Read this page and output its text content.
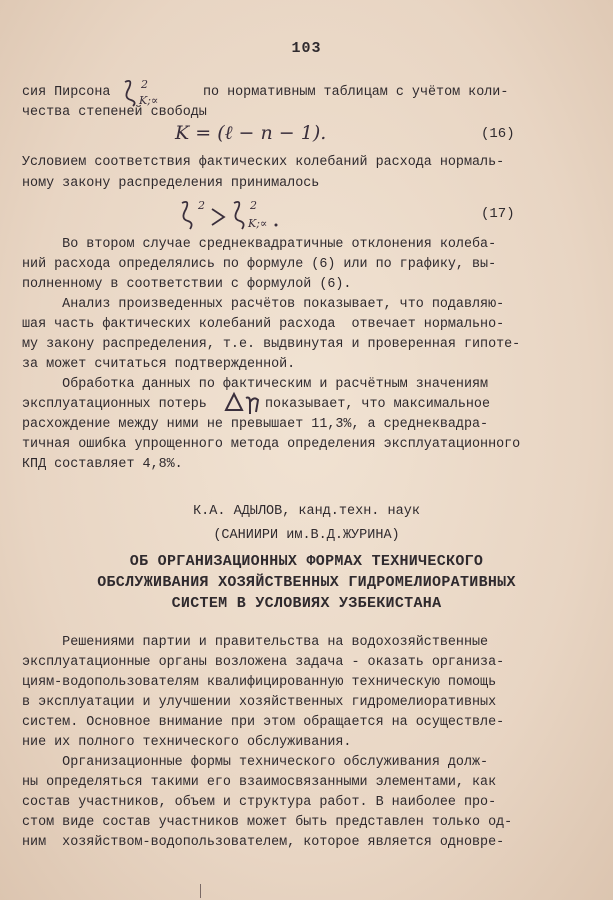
103
сия Пирсона
2
K;∝
по нормативным таблицам с учётом коли-
чества степеней свободы
K = (ℓ − n − 1).	(16)
Условием соответствия фактических колебаний расхода нормаль-
ному закону распределения принималось
2	2
K;∝
(17)
Во втором случае среднеквадратичные отклонения колеба-
ний расхода определялись по формуле (6) или по графику, вы-
полненному в соответствии с формулой (6).
Анализ произведенных расчётов показывает, что подавляю-
шая часть фактических колебаний расхода  отвечает нормально-
му закону распределения, т.е. выдвинутая и проверенная гипоте-
за может считаться подтвержденной.
Обработка данных по фактическим и расчётным значениям
эксплуатационных потерь	показывает, что максимальное
расхождение между ними не превышает 11,3%, а среднеквадра-
тичная ошибка упрощенного метода определения эксплуатационного
КПД составляет 4,8%.
К.А. АДЫЛОВ, канд.техн. наук
(САНИИРИ им.В.Д.ЖУРИНА)
ОБ ОРГАНИЗАЦИОННЫХ ФОРМАХ ТЕХНИЧЕСКОГО
ОБСЛУЖИВАНИЯ ХОЗЯЙСТВЕННЫХ ГИДРОМЕЛИОРАТИВНЫХ
СИСТЕМ В УСЛОВИЯХ УЗБЕКИСТАНА
Решениями партии и правительства на водохозяйственные
эксплуатационные органы возложена задача - оказать организа-
циям-водопользователям квалифицированную техническую помощь
в эксплуатации и улучшении хозяйственных гидромелиоративных
систем. Основное внимание при этом обращается на осуществле-
ние их полного технического обслуживания.
Организационные формы технического обслуживания долж-
ны определяться такими его взаимосвязанными элементами, как
состав участников, объем и структура работ. В наиболее про-
стом виде состав участников может быть представлен только од-
ним  хозяйством-водопользователем, которое является одновре-
